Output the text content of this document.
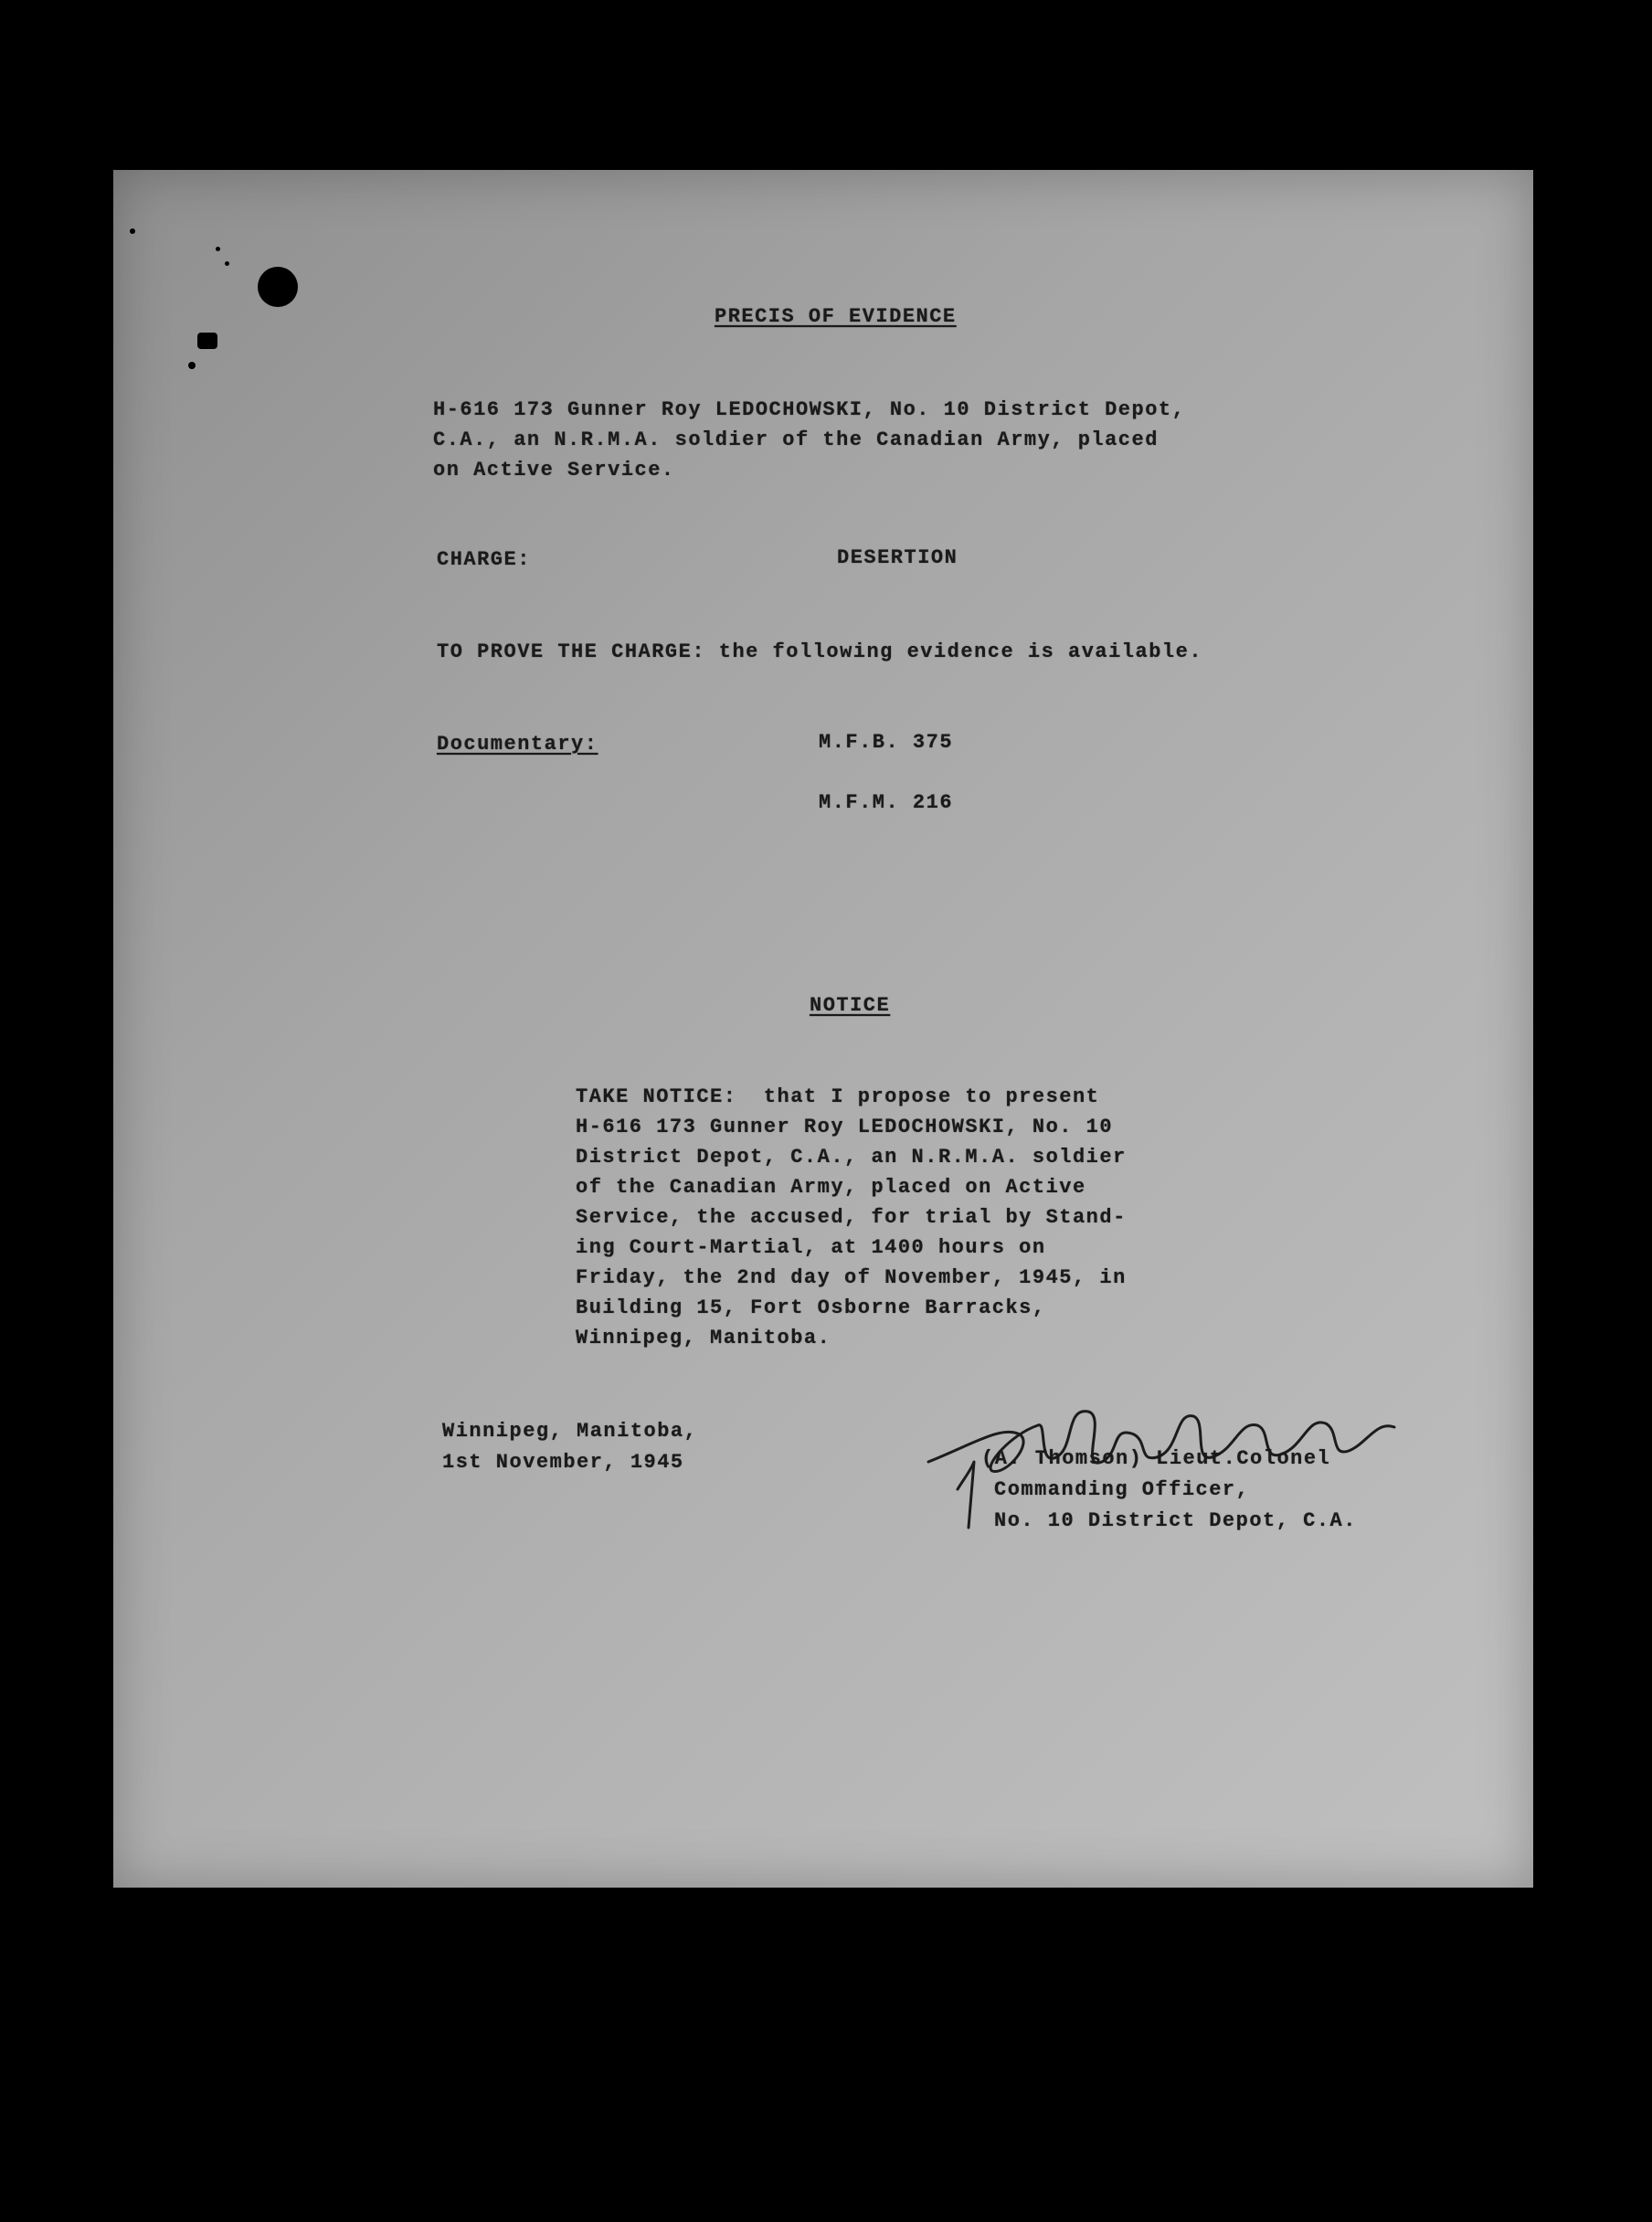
PRECIS OF EVIDENCE
H-616 173 Gunner Roy LEDOCHOWSKI, No. 10 District Depot,
C.A., an N.R.M.A. soldier of the Canadian Army, placed
on Active Service.
CHARGE:	DESERTION
TO PROVE THE CHARGE: the following evidence is available.
Documentary:	M.F.B. 375
M.F.M. 216
NOTICE
TAKE NOTICE:  that I propose to present
H-616 173 Gunner Roy LEDOCHOWSKI, No. 10
District Depot, C.A., an N.R.M.A. soldier
of the Canadian Army, placed on Active
Service, the accused, for trial by Stand-
ing Court-Martial, at 1400 hours on
Friday, the 2nd day of November, 1945, in
Building 15, Fort Osborne Barracks,
Winnipeg, Manitoba.
Winnipeg, Manitoba,
1st November, 1945	(A. Thomson) Lieut.Colonel
Commanding Officer,
No. 10 District Depot, C.A.
